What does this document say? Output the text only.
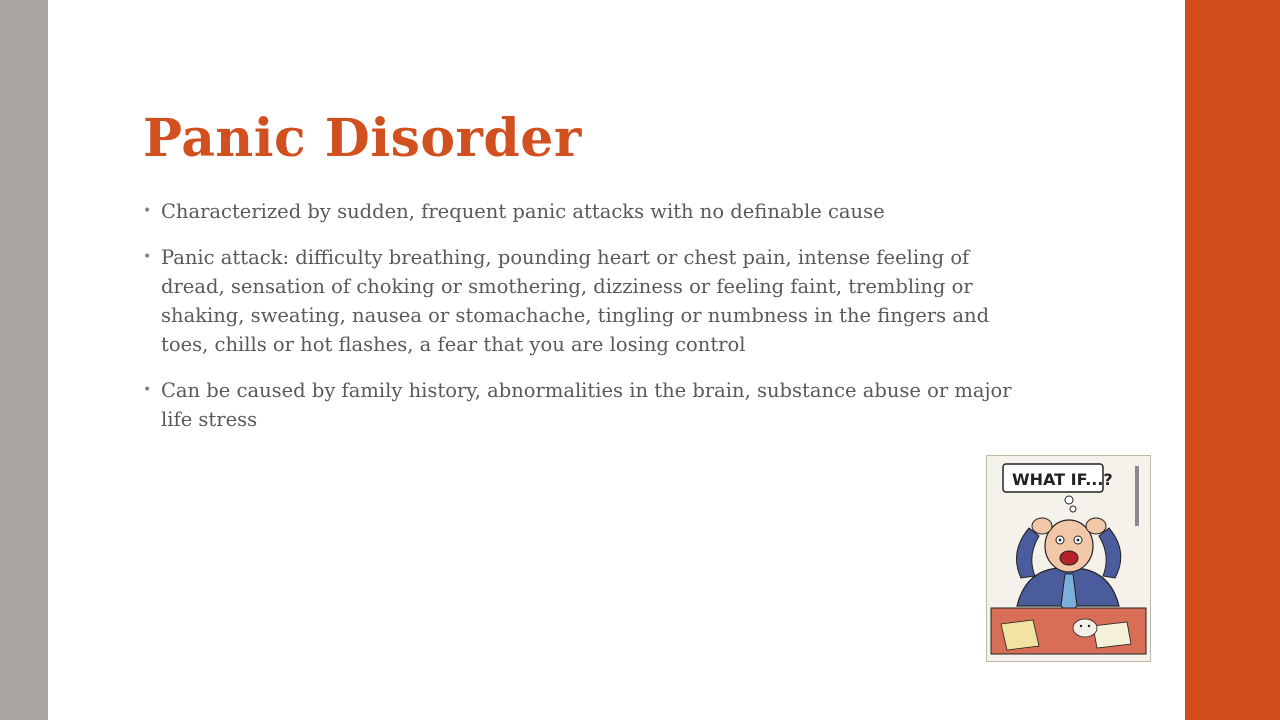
Panic Disorder
• Characterized by sudden, frequent panic attacks with no definable cause
• Panic attack: difficulty breathing, pounding heart or chest pain, intense feeling of dread, sensation of choking or smothering, dizziness or feeling faint, trembling or shaking, sweating, nausea or stomachache, tingling or numbness in the fingers and toes, chills or hot flashes, a fear that you are losing control
• Can be caused by family history, abnormalities in the brain, substance abuse or major life stress
WHAT IF...?
